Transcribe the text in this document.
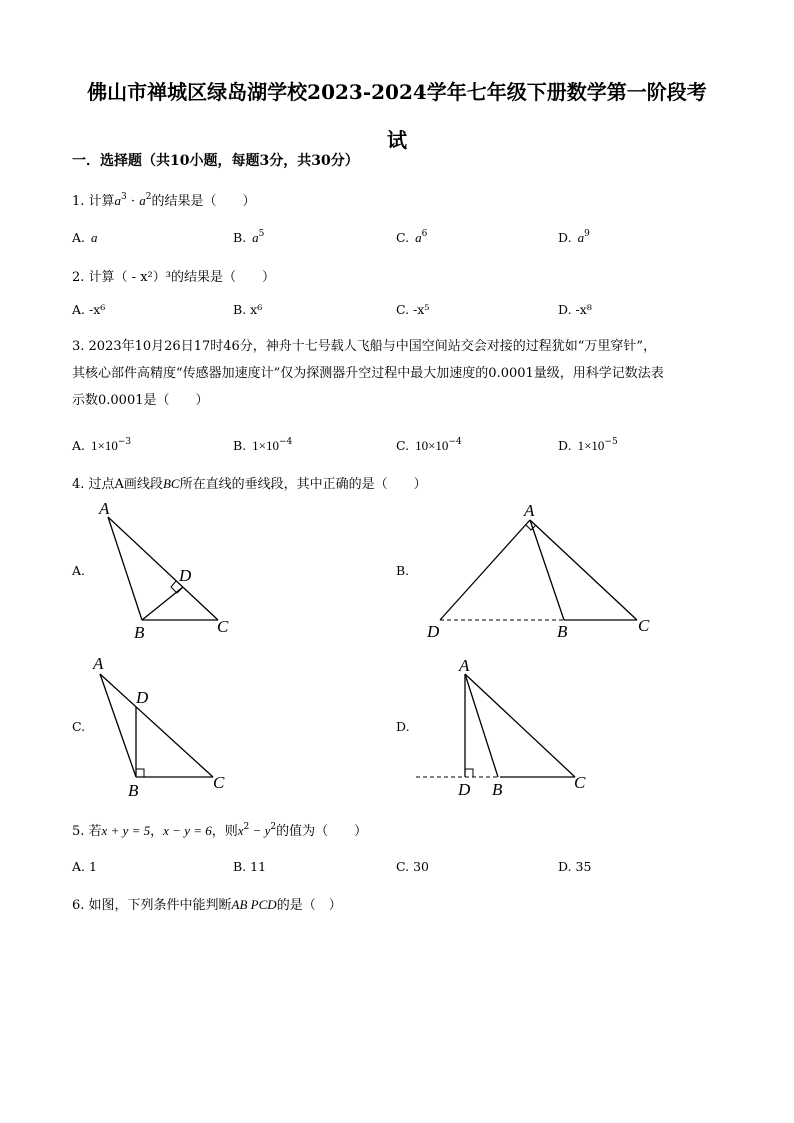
佛山市禅城区绿岛湖学校2023-2024学年七年级下册数学第一阶段考
试
一．选择题（共10小题，每题3分，共30分）
1. 计算$a^3 \cdot a^2$的结果是（　　）
A. a	B. $a^5$	C. $a^6$	D. $a^9$
2. 计算（ - x²）³的结果是（　　）
A. -x⁶	B. x⁶	C. -x⁵	D. -x⁸
3. 2023年10月26日17时46分，神舟十七号载人飞船与中国空间站交会对接的过程犹如“万里穿针”，
其核心部件高精度“传感器加速度计”仅为探测器升空过程中最大加速度的0.0001量级，用科学记数法表
示数0.0001是（　　）
A. $1\times 10^{-3}$	B. $1\times 10^{-4}$	C. $10\times 10^{-4}$	D. $1\times 10^{-5}$
4. 过点A画线段BC所在直线的垂线段，其中正确的是（　　）
A.
A
B	C
D	B.
A
B	C
D
C.
A
B	C
D
D.
A
B	C
D
5. 若x + y = 5，x − y = 6，则$x^2 - y^2$的值为（　　）
A. 1	B. 11	C. 30	D. 35
6. 如图，下列条件中能判断AB PCD的是（　）
